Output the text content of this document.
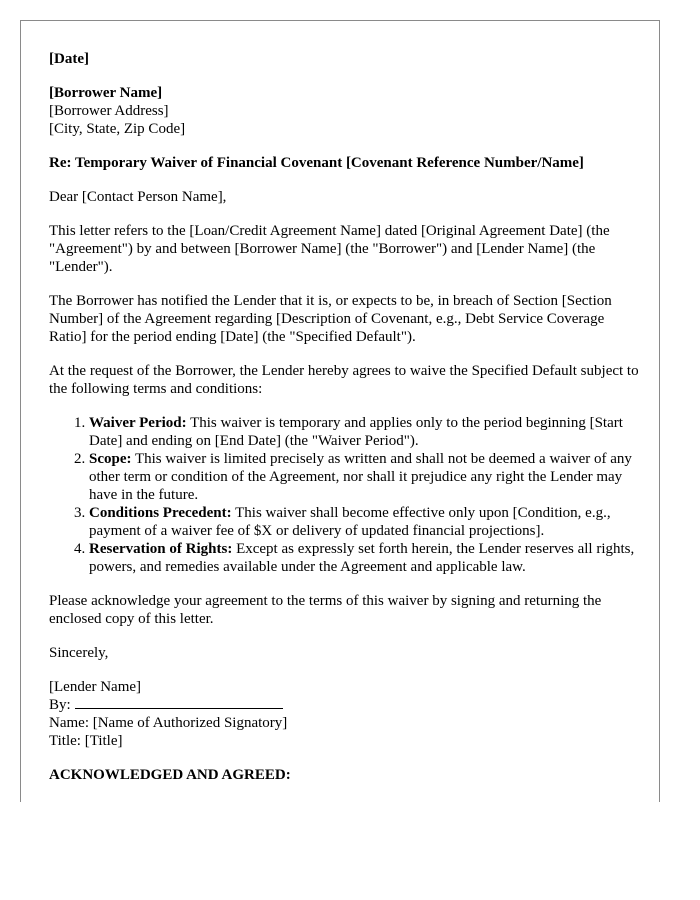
[Date]

[Borrower Name]
[Borrower Address]
[City, State, Zip Code]

Re: Temporary Waiver of Financial Covenant [Covenant Reference Number/Name]

Dear [Contact Person Name],

This letter refers to the [Loan/Credit Agreement Name] dated [Original Agreement Date] (the "Agreement") by and between [Borrower Name] (the "Borrower") and [Lender Name] (the "Lender").

The Borrower has notified the Lender that it is, or expects to be, in breach of Section [Section Number] of the Agreement regarding [Description of Covenant, e.g., Debt Service Coverage Ratio] for the period ending [Date] (the "Specified Default").

At the request of the Borrower, the Lender hereby agrees to waive the Specified Default subject to the following terms and conditions:

1. Waiver Period: This waiver is temporary and applies only to the period beginning [Start Date] and ending on [End Date] (the "Waiver Period").
2. Scope: This waiver is limited precisely as written and shall not be deemed a waiver of any other term or condition of the Agreement, nor shall it prejudice any right the Lender may have in the future.
3. Conditions Precedent: This waiver shall become effective only upon [Condition, e.g., payment of a waiver fee of $X or delivery of updated financial projections].
4. Reservation of Rights: Except as expressly set forth herein, the Lender reserves all rights, powers, and remedies available under the Agreement and applicable law.

Please acknowledge your agreement to the terms of this waiver by signing and returning the enclosed copy of this letter.

Sincerely,

[Lender Name]
By:
Name: [Name of Authorized Signatory]
Title: [Title]

ACKNOWLEDGED AND AGREED:
